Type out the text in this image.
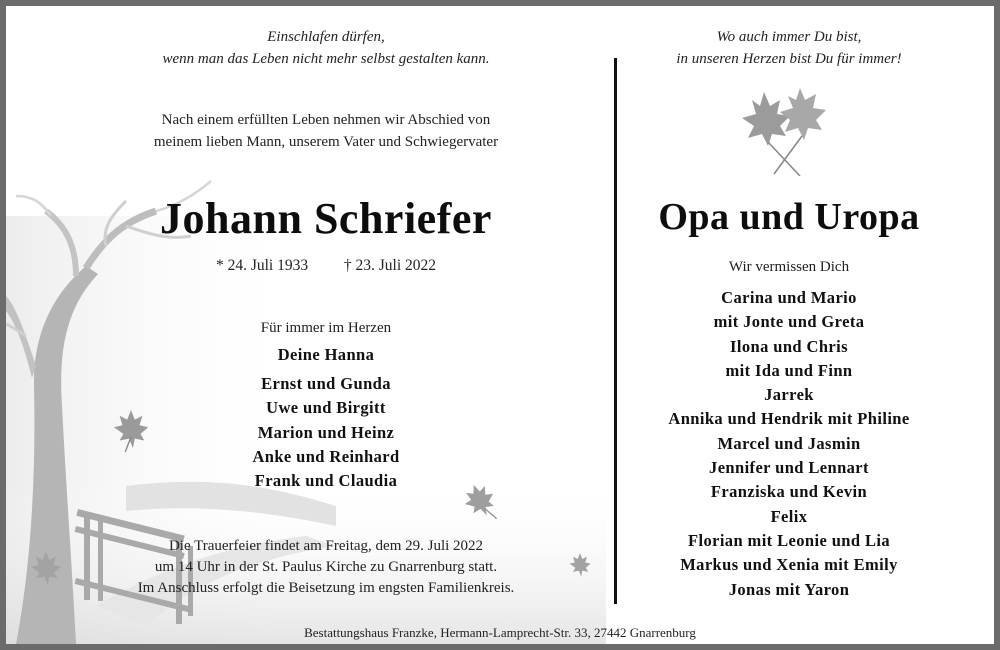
Einschlafen dürfen,
wenn man das Leben nicht mehr selbst gestalten kann.
Nach einem erfüllten Leben nehmen wir Abschied von
meinem lieben Mann, unserem Vater und Schwiegervater
Johann Schriefer
* 24. Juli 1933 † 23. Juli 2022
Für immer im Herzen
Deine Hanna
Ernst und Gunda
Uwe und Birgitt
Marion und Heinz
Anke und Reinhard
Frank und Claudia
Die Trauerfeier findet am Freitag, dem 29. Juli 2022
um 14 Uhr in der St. Paulus Kirche zu Gnarrenburg statt.
Im Anschluss erfolgt die Beisetzung im engsten Familienkreis.
Wo auch immer Du bist,
in unseren Herzen bist Du für immer!
Opa und Uropa
Wir vermissen Dich
Carina und Mario
mit Jonte und Greta
Ilona und Chris
mit Ida und Finn
Jarrek
Annika und Hendrik mit Philine
Marcel und Jasmin
Jennifer und Lennart
Franziska und Kevin
Felix
Florian mit Leonie und Lia
Markus und Xenia mit Emily
Jonas mit Yaron
Bestattungshaus Franzke, Hermann-Lamprecht-Str. 33, 27442 Gnarrenburg
